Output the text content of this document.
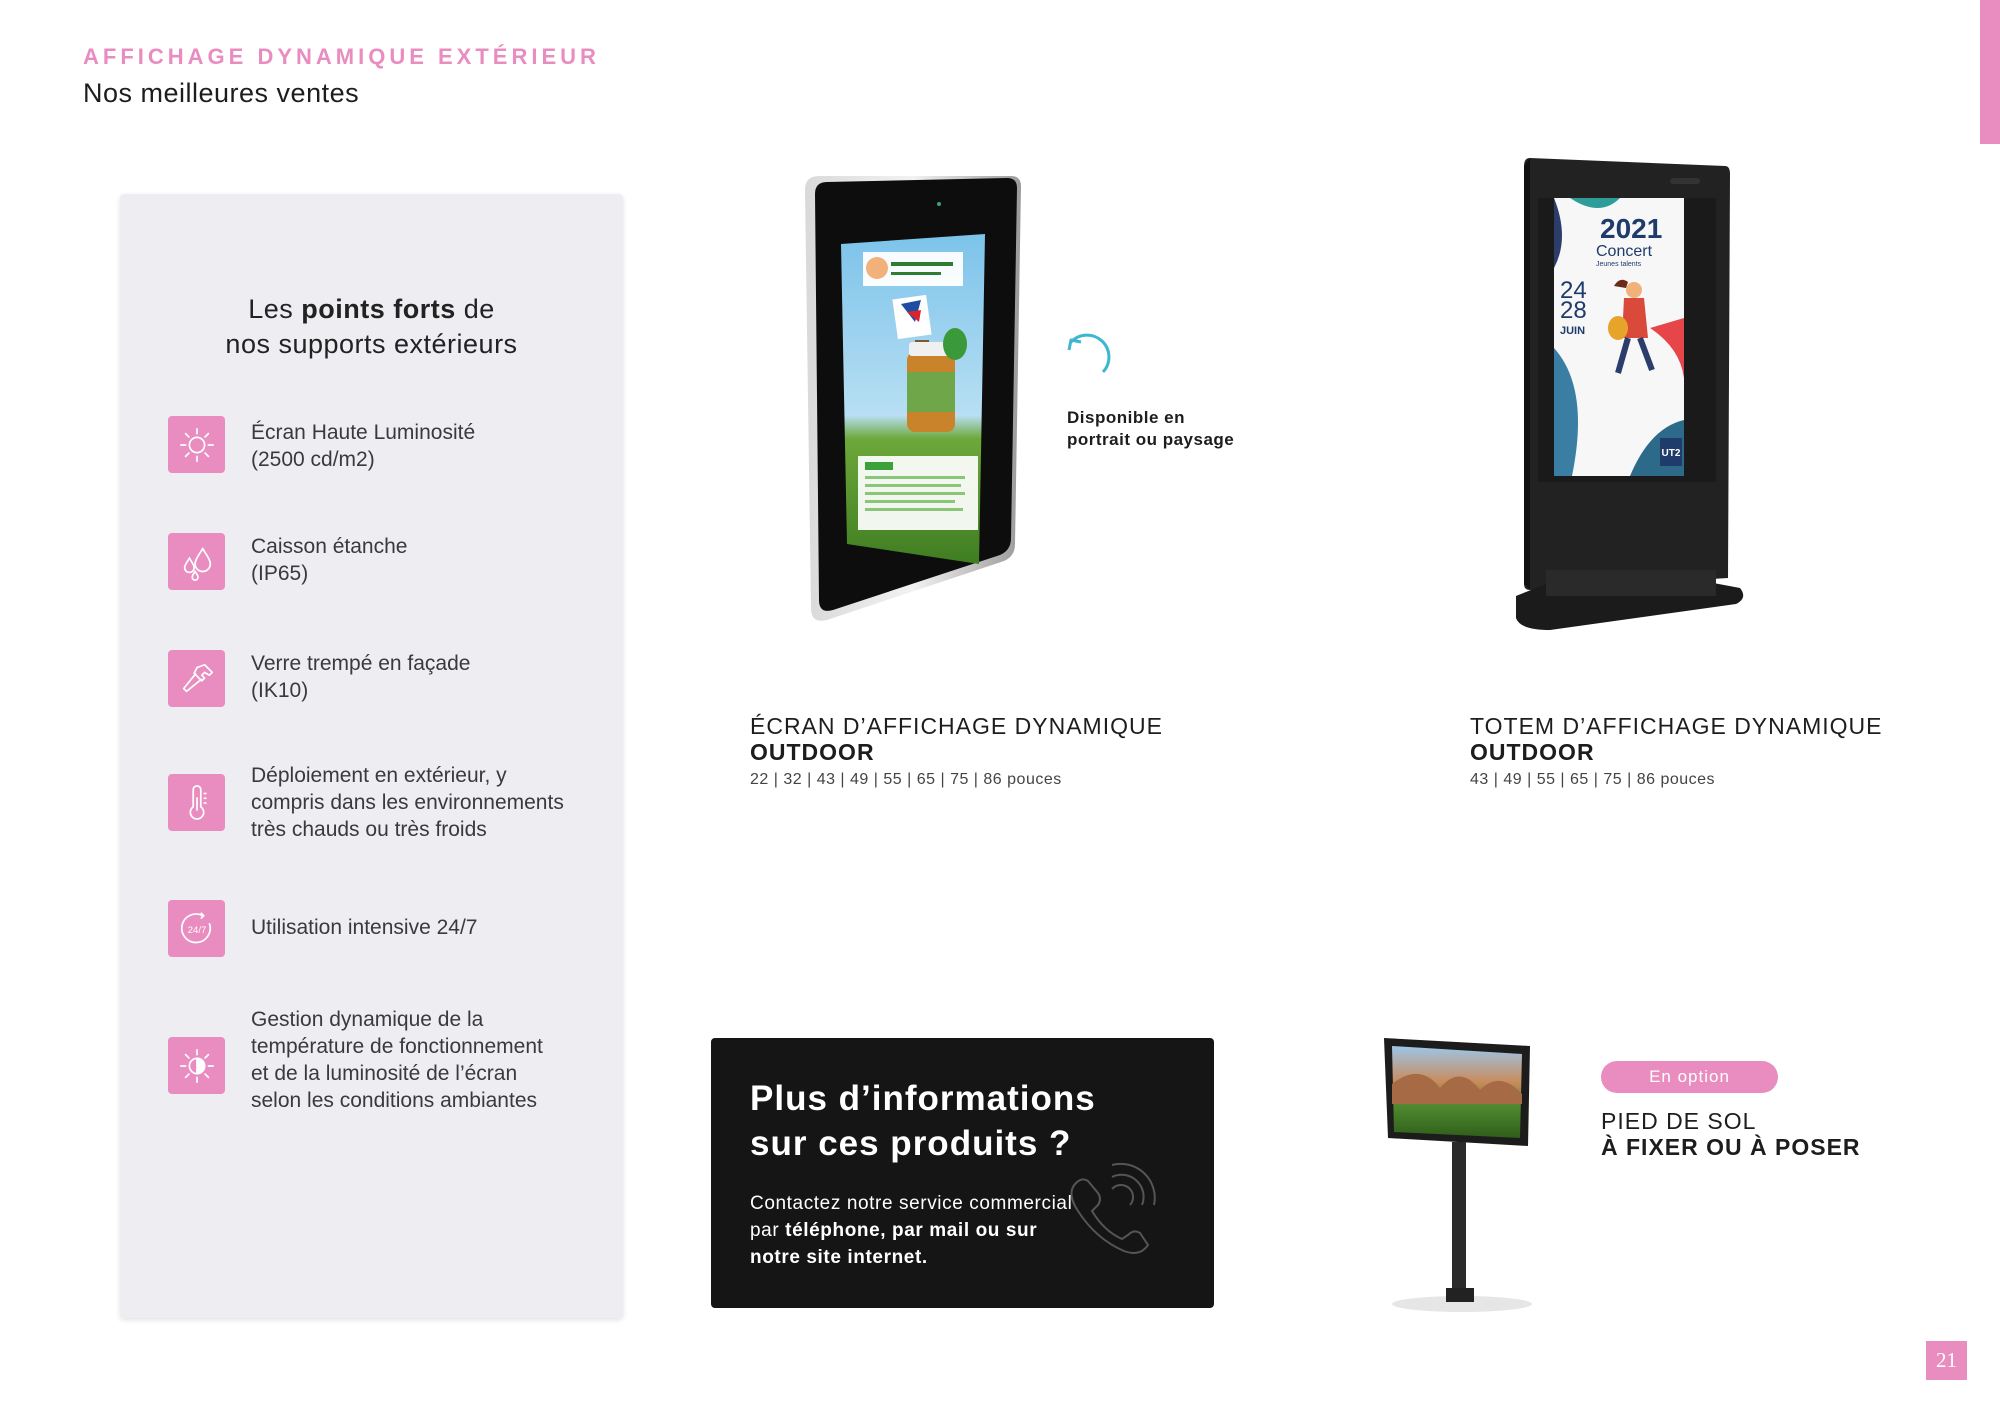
AFFICHAGE DYNAMIQUE EXTÉRIEUR
Nos meilleures ventes
Les points forts de
nos supports extérieurs
Écran Haute Luminosité
(2500 cd/m2)
Caisson étanche
(IP65)
Verre trempé en façade
(IK10)
Déploiement en extérieur, y
compris dans les environnements
très chauds ou très froids
24/7 Utilisation intensive 24/7
Gestion dynamique de la
température de fonctionnement
et de la luminosité de l’écran
selon les conditions ambiantes
Disponible en
portrait ou paysage
2021
Concert
Jeunes talents
24
28
JUIN
UT2
ÉCRAN D’AFFICHAGE DYNAMIQUE
OUTDOOR
22 | 32 | 43 | 49 | 55 | 65 | 75 | 86 pouces
TOTEM D’AFFICHAGE DYNAMIQUE
OUTDOOR
43 | 49 | 55 | 65 | 75 | 86 pouces
Plus d’informations
sur ces produits ?
Contactez notre service commercial
par téléphone, par mail ou sur
notre site internet.
En option
PIED DE SOL
À FIXER OU À POSER
21
